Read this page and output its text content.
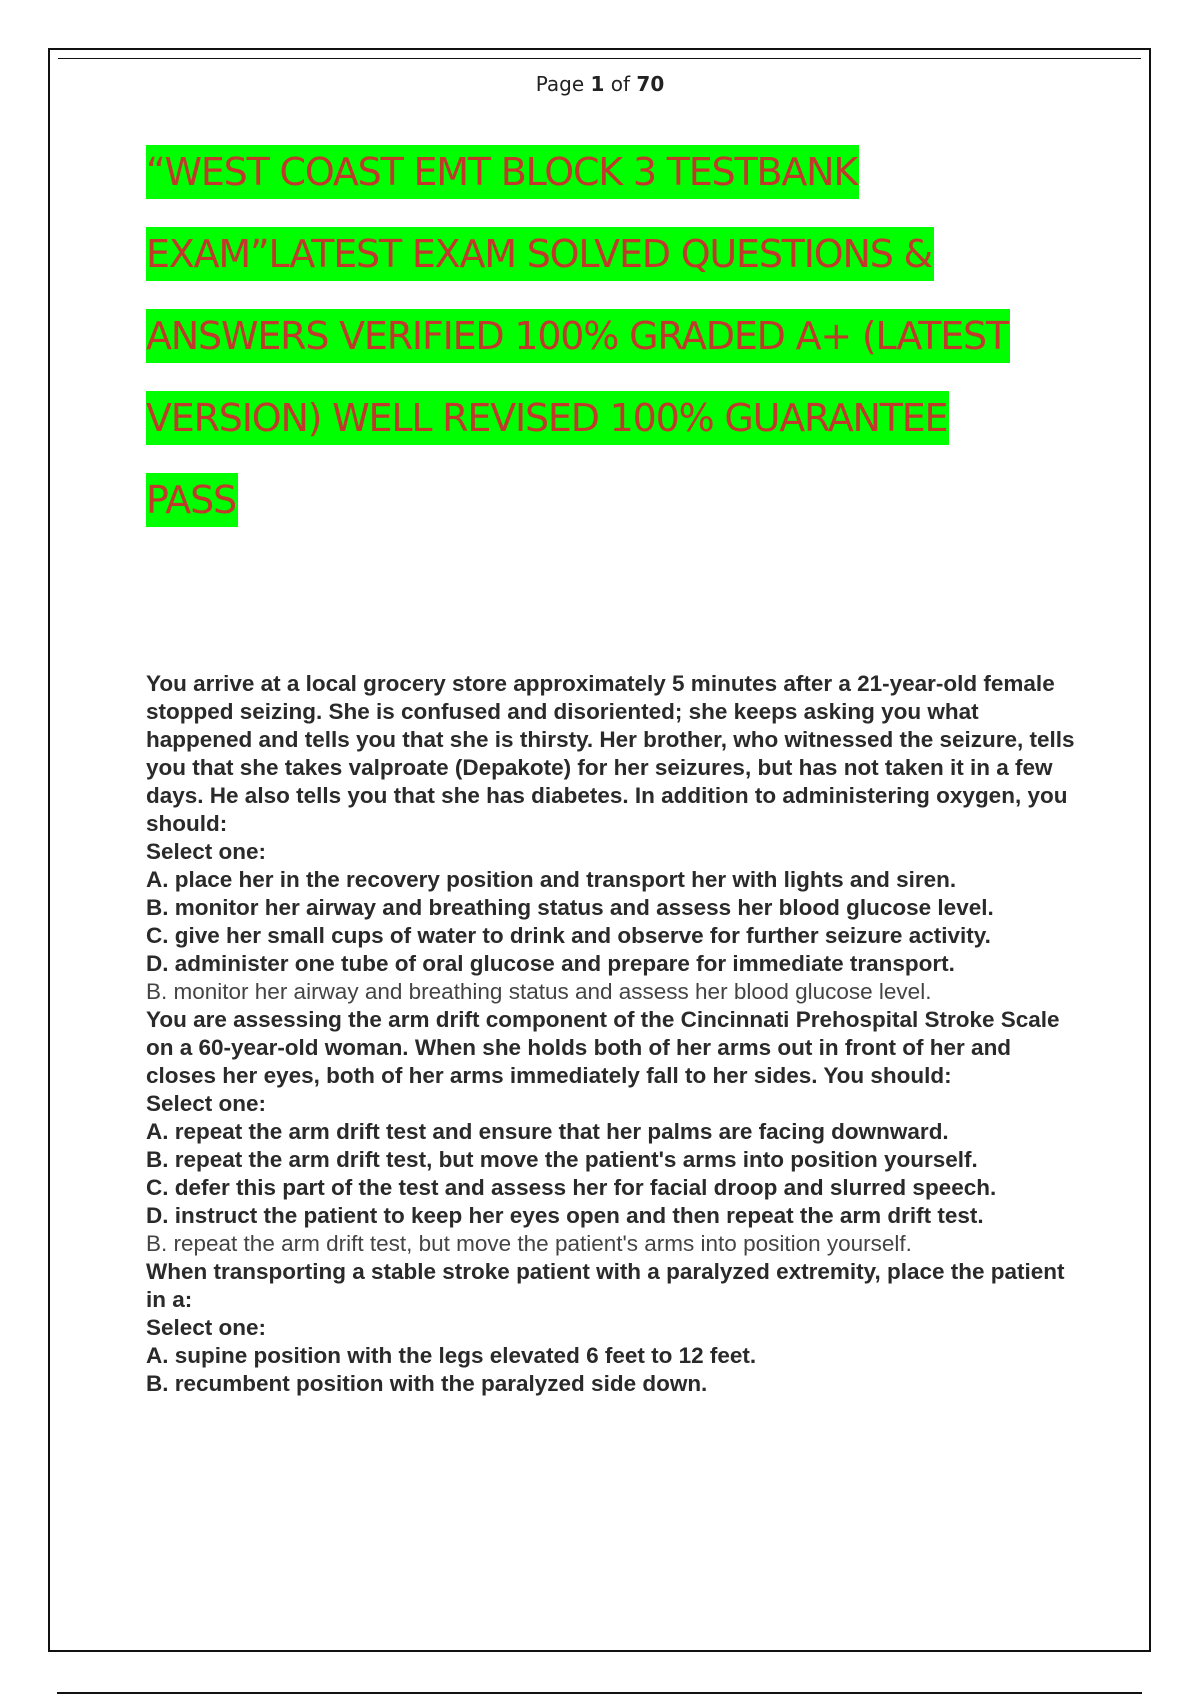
Page 1 of 70
“WEST COAST EMT BLOCK 3 TESTBANK
EXAM”LATEST EXAM SOLVED QUESTIONS &
ANSWERS VERIFIED 100% GRADED A+ (LATEST
VERSION) WELL REVISED 100% GUARANTEE
PASS

You arrive at a local grocery store approximately 5 minutes after a 21-year-old female stopped seizing. She is confused and disoriented; she keeps asking you what happened and tells you that she is thirsty. Her brother, who witnessed the seizure, tells you that she takes valproate (Depakote) for her seizures, but has not taken it in a few days. He also tells you that she has diabetes. In addition to administering oxygen, you should:

Select one:

A. place her in the recovery position and transport her with lights and siren.

B. monitor her airway and breathing status and assess her blood glucose level.

C. give her small cups of water to drink and observe for further seizure activity.

D. administer one tube of oral glucose and prepare for immediate transport.

B. monitor her airway and breathing status and assess her blood glucose level.

You are assessing the arm drift component of the Cincinnati Prehospital Stroke Scale on a 60-year-old woman. When she holds both of her arms out in front of her and closes her eyes, both of her arms immediately fall to her sides. You should:

Select one:

A. repeat the arm drift test and ensure that her palms are facing downward.

B. repeat the arm drift test, but move the patient's arms into position yourself.

C. defer this part of the test and assess her for facial droop and slurred speech.

D. instruct the patient to keep her eyes open and then repeat the arm drift test.

B. repeat the arm drift test, but move the patient's arms into position yourself.

When transporting a stable stroke patient with a paralyzed extremity, place the patient in a:

Select one:

A. supine position with the legs elevated 6 feet to 12 feet.

B. recumbent position with the paralyzed side down.
